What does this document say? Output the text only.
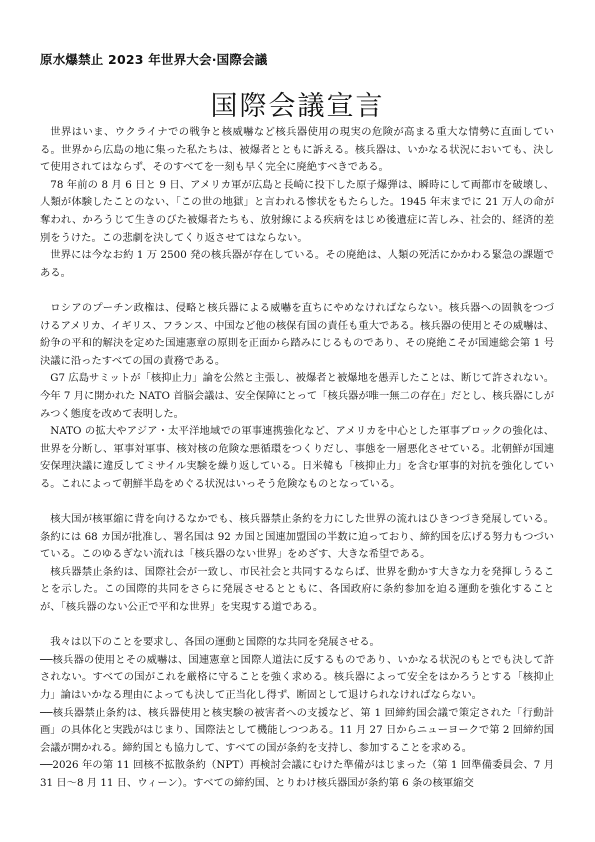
原水爆禁止 2023 年世界大会·国際会議
国際会議宣言

世界はいま、ウクライナでの戦争と核威嚇など核兵器使用の現実の危険が高まる重大な情勢に直面している。世界から広島の地に集った私たちは、被爆者とともに訴える。核兵器は、いかなる状況においても、決して使用されてはならず、そのすべてを一刻も早く完全に廃絶すべきである。

78 年前の 8 月 6 日と 9 日、アメリカ軍が広島と長崎に投下した原子爆弾は、瞬時にして両都市を破壊し、人類が体験したことのない、「この世の地獄」と言われる惨状をもたらした。1945 年末までに 21 万人の命が奪われ、かろうじて生きのびた被爆者たちも、放射線による疾病をはじめ後遺症に苦しみ、社会的、経済的差別をうけた。この悲劇を決してくり返させてはならない。

世界には今なお約 1 万 2500 発の核兵器が存在している。その廃絶は、人類の死活にかかわる緊急の課題である。

ロシアのプーチン政権は、侵略と核兵器による威嚇を直ちにやめなければならない。核兵器への固執をつづけるアメリカ、イギリス、フランス、中国など他の核保有国の責任も重大である。核兵器の使用とその威嚇は、紛争の平和的解決を定めた国連憲章の原則を正面から踏みにじるものであり、その廃絶こそが国連総会第 1 号決議に沿ったすべての国の責務である。

G7 広島サミットが「核抑止力」論を公然と主張し、被爆者と被爆地を愚弄したことは、断じて許されない。今年 7 月に開かれた NATO 首脳会議は、安全保障にとって「核兵器が唯一無二の存在」だとし、核兵器にしがみつく態度を改めて表明した。

NATO の拡大やアジア・太平洋地域での軍事連携強化など、アメリカを中心とした軍事ブロックの強化は、世界を分断し、軍事対軍事、核対核の危険な悪循環をつくりだし、事態を一層悪化させている。北朝鮮が国連安保理決議に違反してミサイル実験を繰り返している。日米韓も「核抑止力」を含む軍事的対抗を強化している。これによって朝鮮半島をめぐる状況はいっそう危険なものとなっている。

核大国が核軍縮に背を向けるなかでも、核兵器禁止条約を力にした世界の流れはひきつづき発展している。条約には 68 カ国が批准し、署名国は 92 カ国と国連加盟国の半数に迫っており、締約国を広げる努力もつづいている。このゆるぎない流れは「核兵器のない世界」をめざす、大きな希望である。

核兵器禁止条約は、国際社会が一致し、市民社会と共同するならば、世界を動かす大きな力を発揮しうることを示した。この国際的共同をさらに発展させるとともに、各国政府に条約参加を迫る運動を強化することが、「核兵器のない公正で平和な世界」を実現する道である。

我々は以下のことを要求し、各国の運動と国際的な共同を発展させる。

──核兵器の使用とその威嚇は、国連憲章と国際人道法に反するものであり、いかなる状況のもとでも決して許されない。すべての国がこれを厳格に守ることを強く求める。核兵器によって安全をはかろうとする「核抑止力」論はいかなる理由によっても決して正当化し得ず、断固として退けられなければならない。

──核兵器禁止条約は、核兵器使用と核実験の被害者への支援など、第 1 回締約国会議で策定された「行動計画」の具体化と実践がはじまり、国際法として機能しつつある。11 月 27 日からニューヨークで第 2 回締約国会議が開かれる。締約国とも協力して、すべての国が条約を支持し、参加することを求める。

──2026 年の第 11 回核不拡散条約（NPT）再検討会議にむけた準備がはじまった（第 1 回準備委員会、7 月 31 日～8 月 11 日、ウィーン）。すべての締約国、とりわけ核兵器国が条約第 6 条の核軍縮交
